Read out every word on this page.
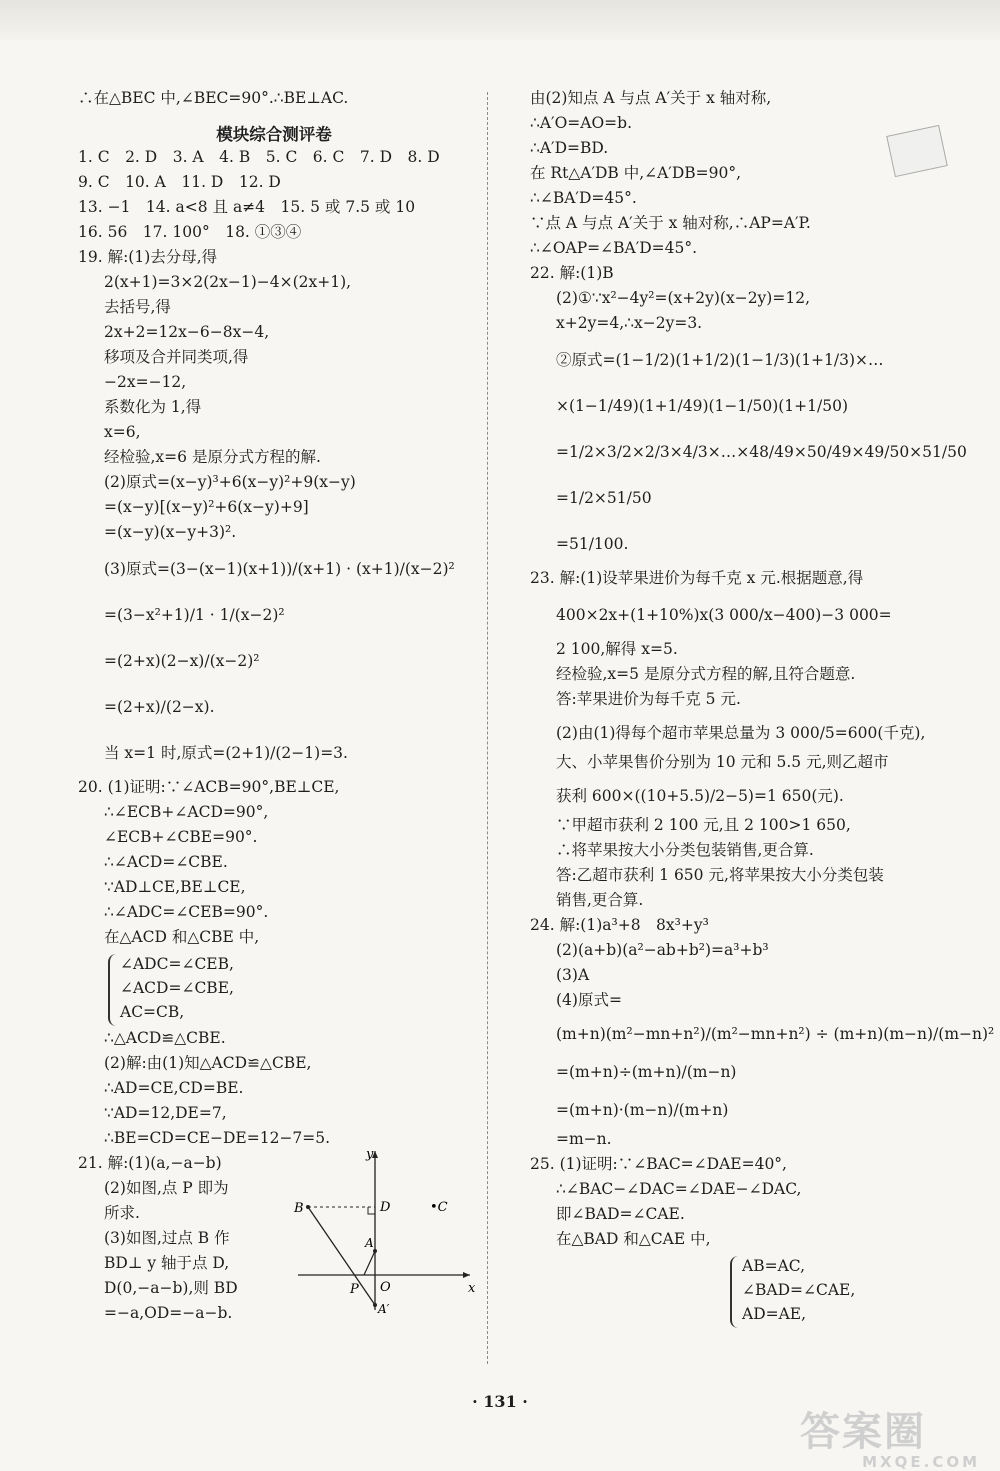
∴在△BEC 中,∠BEC=90°.∴BE⊥AC.
模块综合测评卷
1. C　2. D　3. A　4. B　5. C　6. C　7. D　8. D
9. C　10. A　11. D　12. D
13. −1　14. a<8 且 a≠4　15. 5 或 7.5 或 10
16. 56　17. 100°　18. ①③④
19. 解:(1)去分母,得
2(x+1)=3×2(2x−1)−4×(2x+1),
去括号,得
2x+2=12x−6−8x−4,
移项及合并同类项,得
−2x=−12,
系数化为 1,得
x=6,
经检验,x=6 是原分式方程的解.
(2)原式=(x−y)³+6(x−y)²+9(x−y)
=(x−y)[(x−y)²+6(x−y)+9]
=(x−y)(x−y+3)².
(3)原式=(3−(x−1)(x+1))/(x+1) · (x+1)/(x−2)²
=(3−x²+1)/1 · 1/(x−2)²
=(2+x)(2−x)/(x−2)²
=(2+x)/(2−x).
当 x=1 时,原式=(2+1)/(2−1)=3.
20. (1)证明:∵∠ACB=90°,BE⊥CE,
∴∠ECB+∠ACD=90°,
∠ECB+∠CBE=90°.
∴∠ACD=∠CBE.
∵AD⊥CE,BE⊥CE,
∴∠ADC=∠CEB=90°.
在△ACD 和△CBE 中,
∠ADC=∠CEB,
∠ACD=∠CBE,
AC=CB,
∴△ACD≌△CBE.
(2)解:由(1)知△ACD≌△CBE,
∴AD=CE,CD=BE.
∵AD=12,DE=7,
∴BE=CD=CE−DE=12−7=5.
21. 解:(1)(a,−a−b)
(2)如图,点 P 即为
所求.
(3)如图,过点 B 作
BD⊥ y 轴于点 D,
D(0,−a−b),则 BD
=−a,OD=−a−b.
y
x
B	D	•C
A
P O
A′
由(2)知点 A 与点 A′关于 x 轴对称,
∴A′O=AO=b.
∴A′D=BD.
在 Rt△A′DB 中,∠A′DB=90°,
∴∠BA′D=45°.
∵点 A 与点 A′关于 x 轴对称,∴AP=A′P.
∴∠OAP=∠BA′D=45°.
22. 解:(1)B
(2)①∵x²−4y²=(x+2y)(x−2y)=12,
x+2y=4,∴x−2y=3.
②原式=(1−1/2)(1+1/2)(1−1/3)(1+1/3)×…
×(1−1/49)(1+1/49)(1−1/50)(1+1/50)
=1/2×3/2×2/3×4/3×…×48/49×50/49×49/50×51/50
=1/2×51/50
=51/100.
23. 解:(1)设苹果进价为每千克 x 元.根据题意,得
400×2x+(1+10%)x(3 000/x−400)−3 000=
2 100,解得 x=5.
经检验,x=5 是原分式方程的解,且符合题意.
答:苹果进价为每千克 5 元.
(2)由(1)得每个超市苹果总量为 3 000/5=600(千克),
大、小苹果售价分别为 10 元和 5.5 元,则乙超市
获利 600×((10+5.5)/2−5)=1 650(元).
∵甲超市获利 2 100 元,且 2 100>1 650,
∴将苹果按大小分类包装销售,更合算.
答:乙超市获利 1 650 元,将苹果按大小分类包装
销售,更合算.
24. 解:(1)a³+8　8x³+y³
(2)(a+b)(a²−ab+b²)=a³+b³
(3)A
(4)原式=
(m+n)(m²−mn+n²)/(m²−mn+n²) ÷ (m+n)(m−n)/(m−n)²
=(m+n)÷(m+n)/(m−n)
=(m+n)·(m−n)/(m+n)
=m−n.
25. (1)证明:∵∠BAC=∠DAE=40°,
∴∠BAC−∠DAC=∠DAE−∠DAC,
即∠BAD=∠CAE.
在△BAD 和△CAE 中,
AB=AC,
∠BAD=∠CAE,
AD=AE,
· 131 ·
答案圈
MXQE.COM
